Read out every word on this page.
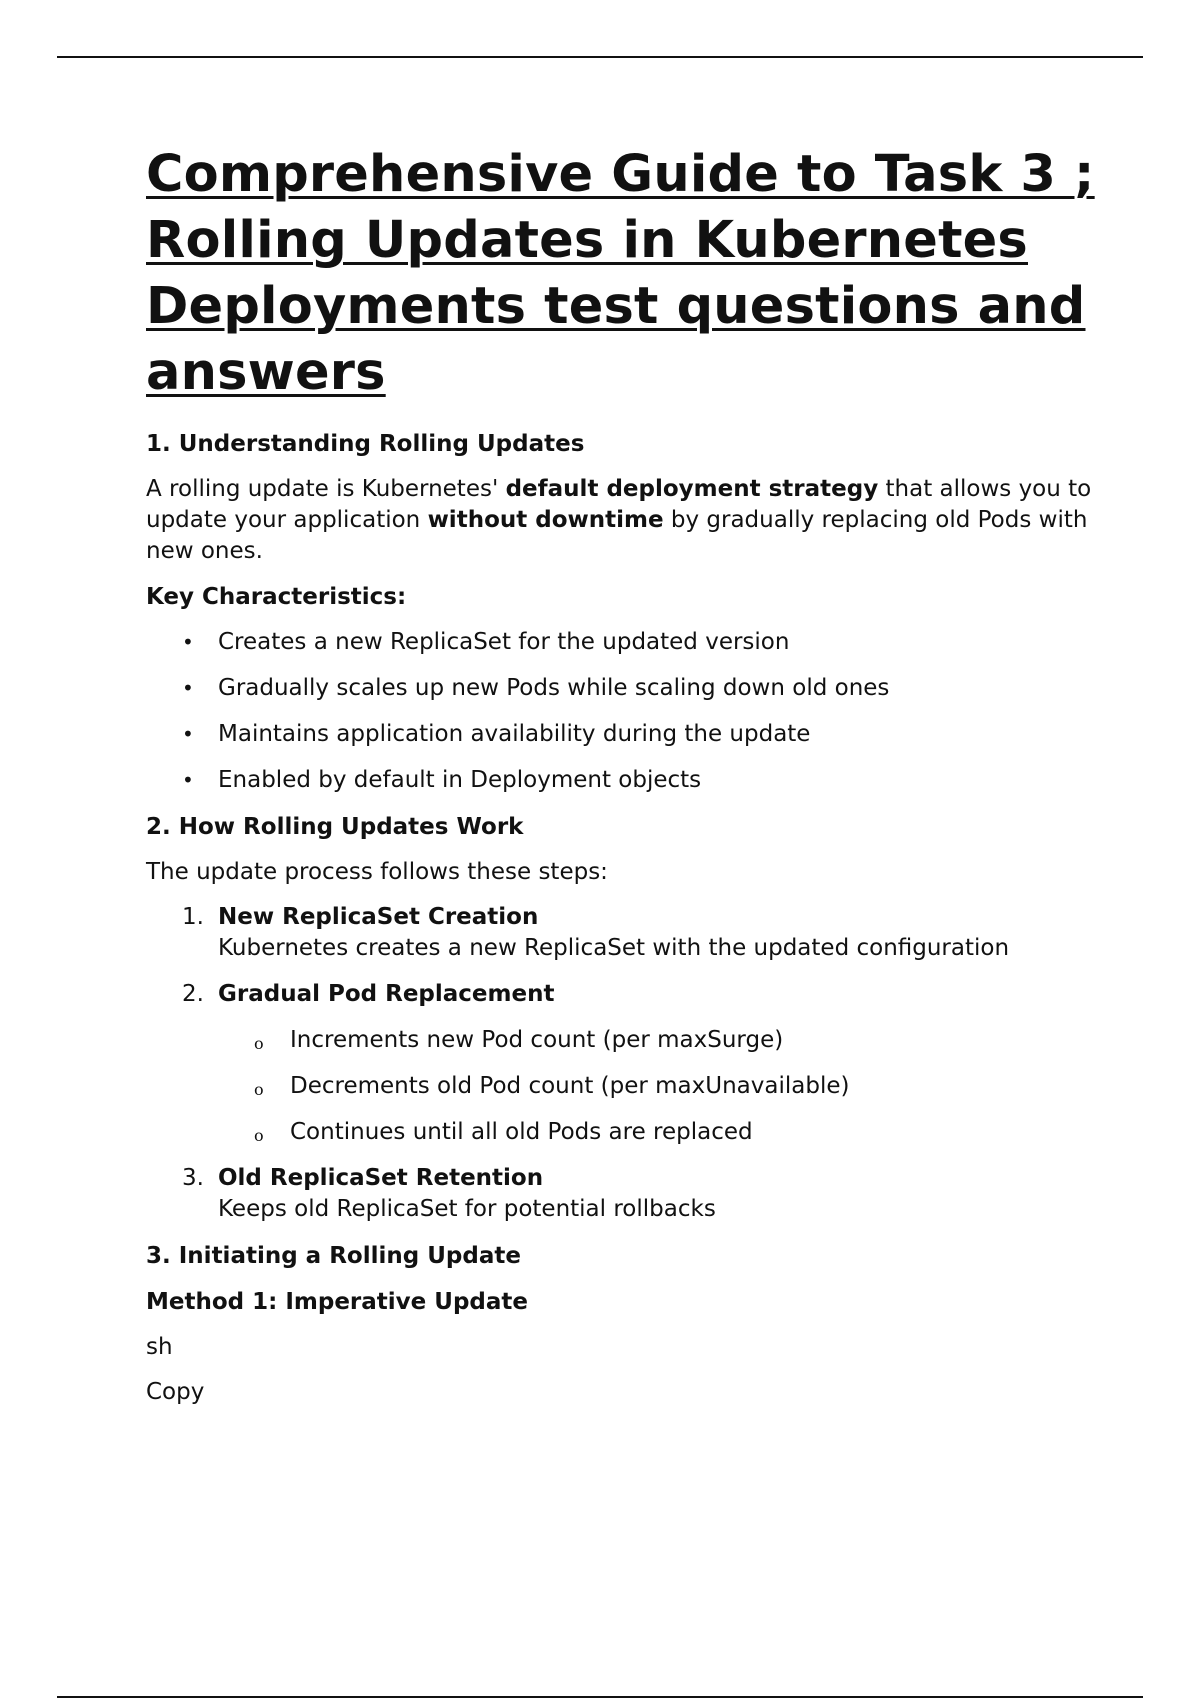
Comprehensive Guide to Task 3 ; Rolling Updates in Kubernetes Deployments test questions and answers
1. Understanding Rolling Updates
A rolling update is Kubernetes' default deployment strategy that allows you to update your application without downtime by gradually replacing old Pods with new ones.
Key Characteristics:
• Creates a new ReplicaSet for the updated version
• Gradually scales up new Pods while scaling down old ones
• Maintains application availability during the update
• Enabled by default in Deployment objects
2. How Rolling Updates Work
The update process follows these steps:
1. New ReplicaSet Creation
Kubernetes creates a new ReplicaSet with the updated configuration
2. Gradual Pod Replacement
o Increments new Pod count (per maxSurge)
o Decrements old Pod count (per maxUnavailable)
o Continues until all old Pods are replaced
3. Old ReplicaSet Retention
Keeps old ReplicaSet for potential rollbacks
3. Initiating a Rolling Update
Method 1: Imperative Update
sh
Copy
